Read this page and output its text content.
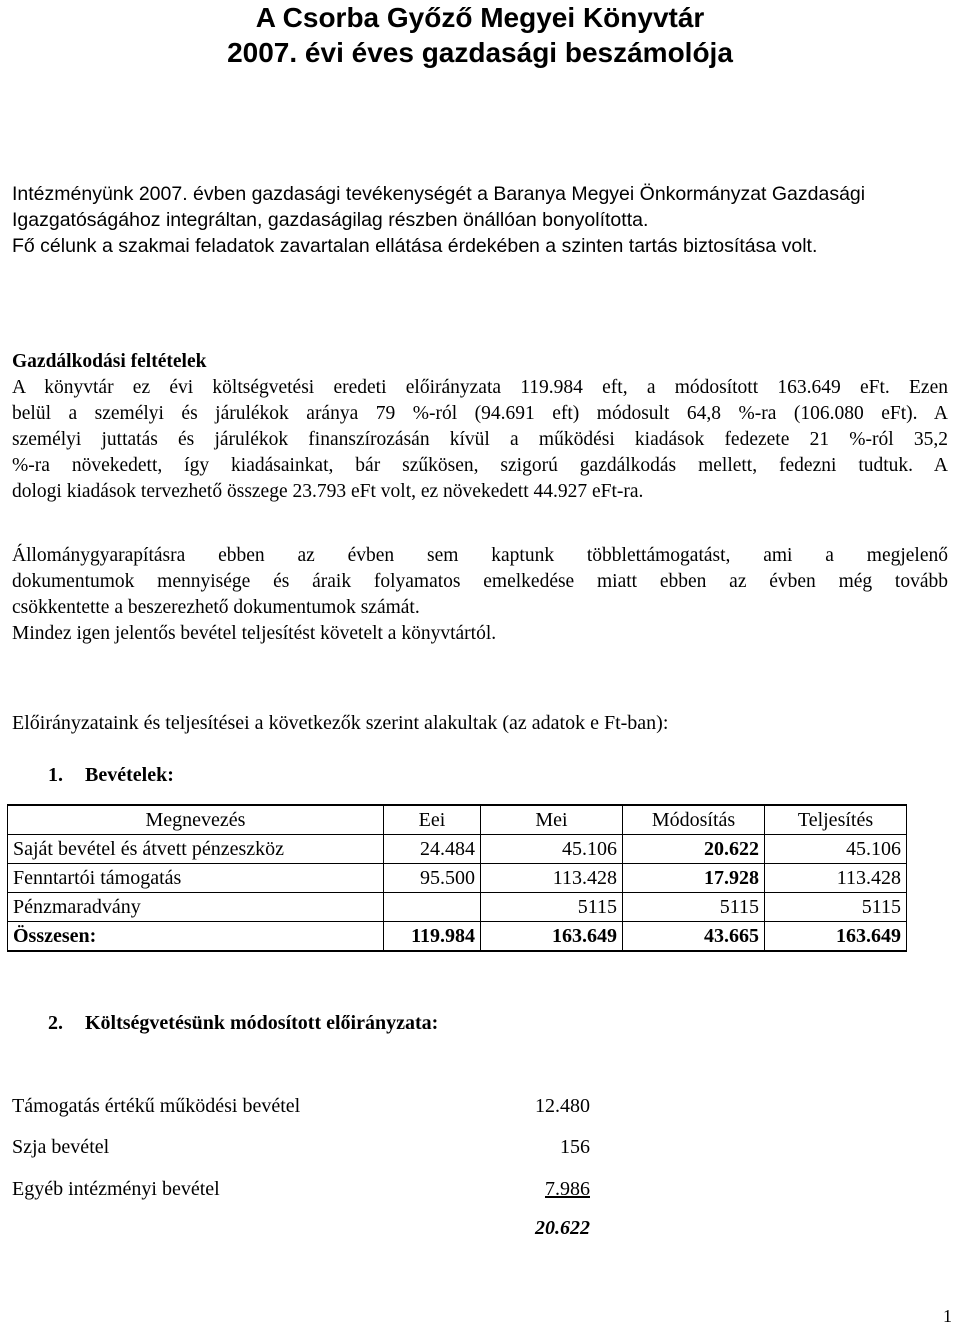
A Csorba Győző Megyei Könyvtár
2007. évi éves gazdasági beszámolója
Intézményünk 2007. évben gazdasági tevékenységét a Baranya Megyei Önkormányzat Gazdasági
Igazgatóságához integráltan, gazdaságilag részben önállóan bonyolította.
Fő célunk a szakmai feladatok zavartalan ellátása érdekében a szinten tartás biztosítása volt.
Gazdálkodási feltételek
A könyvtár ez évi költségvetési eredeti előirányzata 119.984 eft, a módosított 163.649 eFt. Ezen
belül a személyi és járulékok aránya 79 %-ról (94.691 eft) módosult 64,8 %-ra (106.080 eFt). A
személyi juttatás és járulékok finanszírozásán kívül a működési kiadások fedezete 21 %-ról 35,2
%-ra növekedett, így kiadásainkat, bár szűkösen, szigorú gazdálkodás mellett, fedezni tudtuk. A
dologi kiadások tervezhető összege 23.793 eFt volt, ez növekedett 44.927 eFt-ra.
Állománygyarapításra ebben az évben sem kaptunk többlettámogatást, ami a megjelenő
dokumentumok mennyisége és áraik folyamatos emelkedése miatt ebben az évben még tovább
csökkentette a beszerezhető dokumentumok számát.
Mindez igen jelentős bevétel teljesítést követelt a könyvtártól.
Előirányzataink és teljesítései a következők szerint alakultak (az adatok e Ft-ban):
1. Bevételek:
Megnevezés	Eei	Mei	Módosítás	Teljesítés
Saját bevétel és átvett pénzeszköz	24.484	45.106	20.622	45.106
Fenntartói támogatás	95.500	113.428	17.928	113.428
Pénzmaradvány		5115	5115	5115
Összesen:	119.984	163.649	43.665	163.649
2. Költségvetésünk módosított előirányzata:
Támogatás értékű működési bevétel	12.480
Szja bevétel	156
Egyéb intézményi bevétel	7.986
20.622
1
